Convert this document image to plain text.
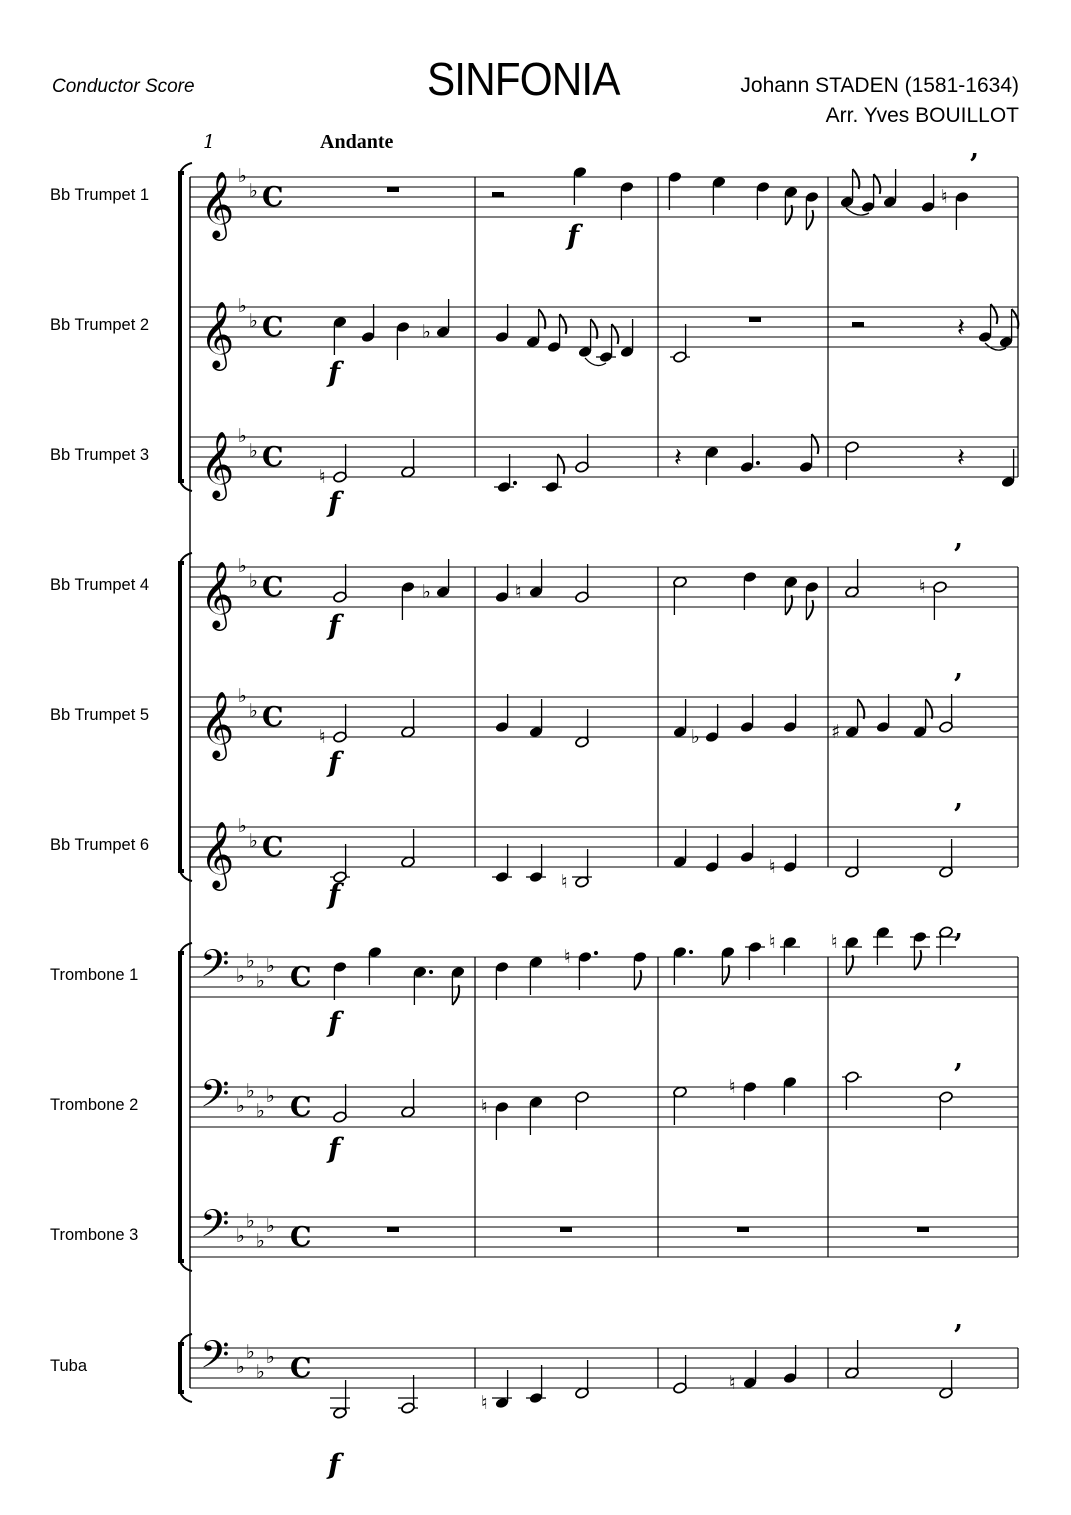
Conductor Score	SINFONIA	Johann STADEN (1581-1634)
Arr. Yves BOUILLOT
1	Andante
Bb Trumpet 1
Bb Trumpet 2
Bb Trumpet 3
Bb Trumpet 4
Bb Trumpet 5
Bb Trumpet 6
Trombone 1
Trombone 2
Trombone 3
Tuba
𝄞 ♭
♭ C
𝄞 ♭
♭ C
𝄞 ♭
♭ C
𝄞 ♭
♭ C
𝄞 ♭
♭ C
𝄞 ♭
♭ C
𝄢 ♭
♭
♭
♭ C
𝄢 ♭
♭
♭
♭ C
𝄢 ♭
♭
♭
♭ C
𝄢 ♭
♭
♭
♭ C
♮
♭	𝄽
♮
𝄽	𝄽
♭	♮	♮
♮	♭	♯
♮
♮
♮
♮	♮
♮
♮
♮
♮
,
,
,
,
,
,
,
f
f
f
f
f
f
f
f
f
